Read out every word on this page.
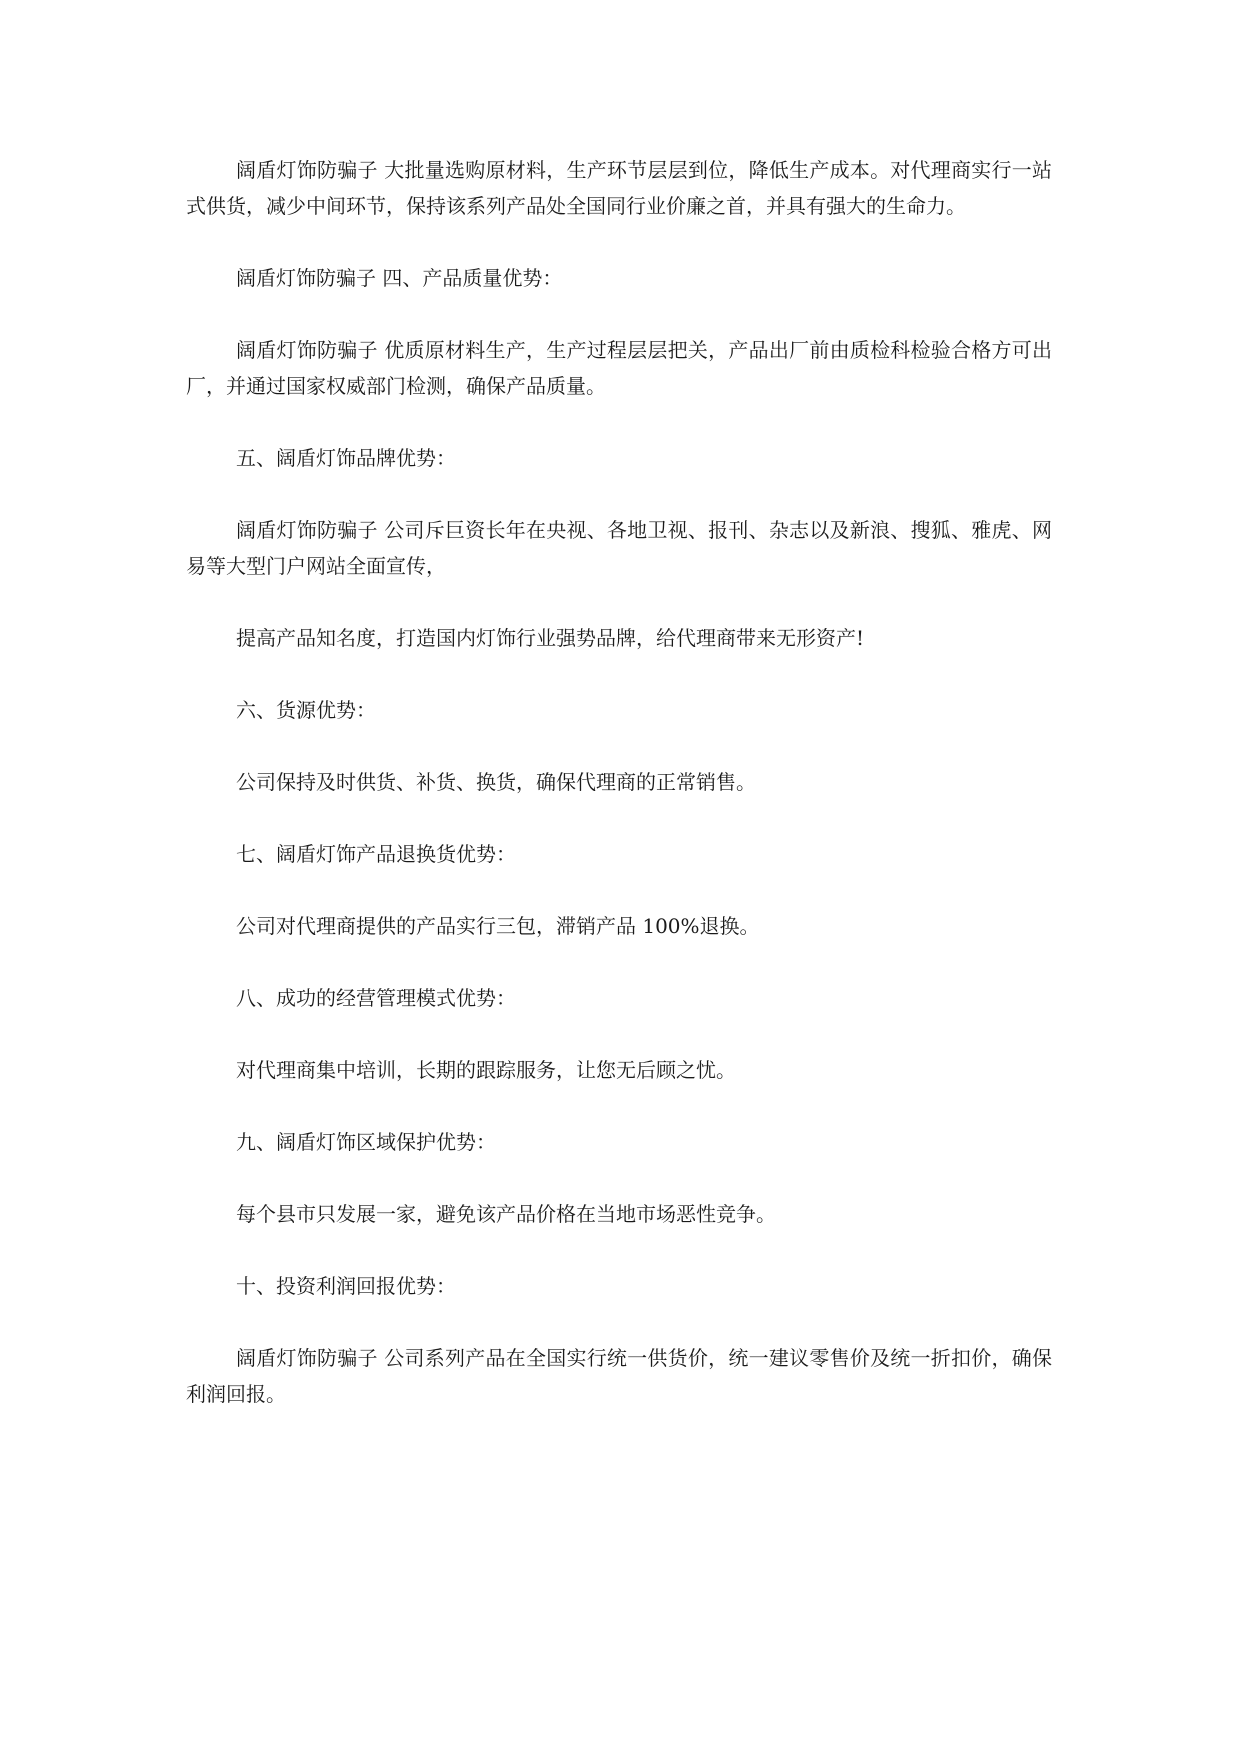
阔盾灯饰防骗子 大批量选购原材料，生产环节层层到位，降低生产成本。对代理商实行一站式供货，减少中间环节，保持该系列产品处全国同行业价廉之首，并具有强大的生命力。

阔盾灯饰防骗子 四、产品质量优势：

阔盾灯饰防骗子 优质原材料生产，生产过程层层把关，产品出厂前由质检科检验合格方可出厂，并通过国家权威部门检测，确保产品质量。

五、阔盾灯饰品牌优势：

阔盾灯饰防骗子 公司斥巨资长年在央视、各地卫视、报刊、杂志以及新浪、搜狐、雅虎、网易等大型门户网站全面宣传，

提高产品知名度，打造国内灯饰行业强势品牌，给代理商带来无形资产!

六、货源优势：

公司保持及时供货、补货、换货，确保代理商的正常销售。

七、阔盾灯饰产品退换货优势：

公司对代理商提供的产品实行三包，滞销产品 100%退换。

八、成功的经营管理模式优势：

对代理商集中培训，长期的跟踪服务，让您无后顾之忧。

九、阔盾灯饰区域保护优势：

每个县市只发展一家，避免该产品价格在当地市场恶性竞争。

十、投资利润回报优势：

阔盾灯饰防骗子 公司系列产品在全国实行统一供货价，统一建议零售价及统一折扣价，确保利润回报。
